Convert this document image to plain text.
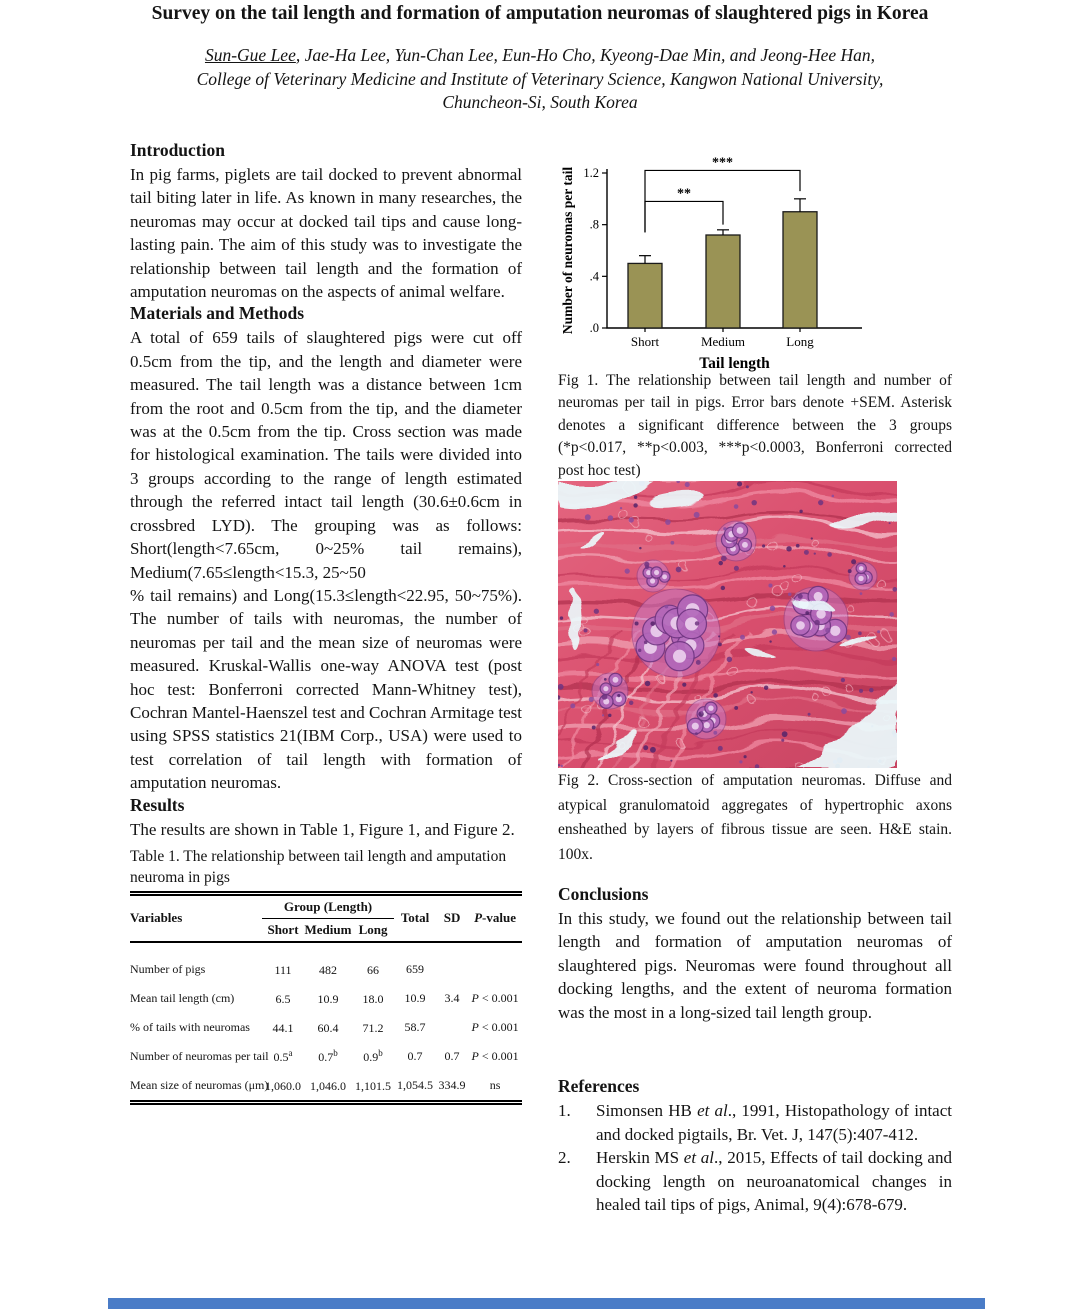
Survey on the tail length and formation of amputation neuromas of slaughtered pigs in Korea
Sun-Gue Lee, Jae-Ha Lee, Yun-Chan Lee, Eun-Ho Cho, Kyeong-Dae Min, and Jeong-Hee Han,
College of Veterinary Medicine and Institute of Veterinary Science, Kangwon National University,
Chuncheon-Si, South Korea
Introduction

In pig farms, piglets are tail docked to prevent abnormal tail biting later in life. As known in many researches, the neuromas may occur at docked tail tips and cause long-lasting pain. The aim of this study was to investigate the relationship between tail length and the formation of amputation neuromas on the aspects of animal welfare.

Materials and Methods

A total of 659 tails of slaughtered pigs were cut off 0.5cm from the tip, and the length and diameter were measured. The tail length was a distance between 1cm from the root and 0.5cm from the tip, and the diameter was at the 0.5cm from the tip. Cross section was made for histological examination. The tails were divided into 3 groups according to the range of length estimated through the referred intact tail length (30.6±0.6cm in crossbred LYD). The grouping was as follows: Short(length<7.65cm, 0~25% tail remains), Medium(7.65≤length<15.3, 25~50
% tail remains) and Long(15.3≤length<22.95, 50~75%). The number of tails with neuromas, the number of neuromas per tail and the mean size of neuromas were measured. Kruskal-Wallis one-way ANOVA test (post hoc test: Bonferroni corrected Mann-Whitney test), Cochran Mantel-Haenszel test and Cochran Armitage test using SPSS statistics 21(IBM Corp., USA) were used to test correlation of tail length with formation of amputation neuromas.

Results

The results are shown in Table 1, Figure 1, and Figure 2.

Table 1. The relationship between tail length and amputation neuroma in pigs
Variables	Group (Length)			Total	SD	P-value
	Short	Medium	Long			
Number of pigs	111	482	66	659		
Mean tail length (cm)	6.5	10.9	18.0	10.9	3.4	P < 0.001
% of tails with neuromas	44.1	60.4	71.2	58.7		P < 0.001
Number of neuromas per tail	0.5$^a$	0.7$^b$	0.9$^b$	0.7	0.7	P < 0.001
Mean size of neuromas (μm)	1,060.0	1,046.0	1,101.5	1,054.5	334.9	ns
.0
.4
.8
1.2
Number of neuromas per tail
Short	Medium	Long
Tail length
**
***
Fig 1. The relationship between tail length and number of neuromas per tail in pigs. Error bars denote +SEM. Asterisk denotes a significant difference between the 3 groups (*p<0.017, **p<0.003, ***p<0.0003, Bonferroni corrected post hoc test)
Fig 2. Cross-section of amputation neuromas. Diffuse and atypical granulomatoid aggregates of hypertrophic axons ensheathed by layers of fibrous tissue are seen. H&E stain. 100x.
Conclusions

In this study, we found out the relationship between tail length and formation of amputation neuromas of slaughtered pigs. Neuromas were found throughout all docking lengths, and the extent of neuroma formation was the most in a long-sized tail length group.

References
1.	Simonsen HB et al., 1991, Histopathology of intact and docked pigtails, Br. Vet. J, 147(5):407-412.
2.	Herskin MS et al., 2015, Effects of tail docking and docking length on neuroanatomical changes in healed tail tips of pigs, Animal, 9(4):678-679.
